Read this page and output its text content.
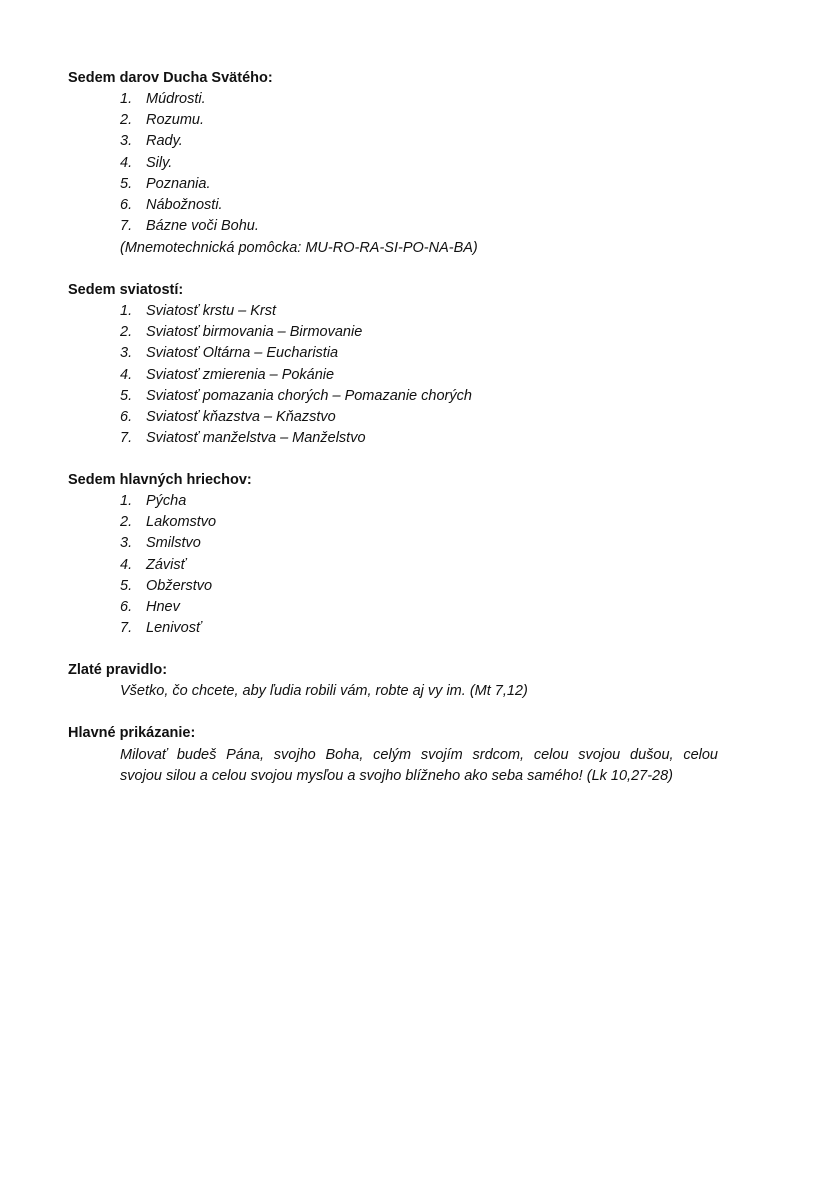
Sedem darov Ducha Svätého:
1. Múdrosti.
2. Rozumu.
3. Rady.
4. Sily.
5. Poznania.
6. Nábožnosti.
7. Bázne voči Bohu.
(Mnemotechnická pomôcka: MU-RO-RA-SI-PO-NA-BA)
Sedem sviatostí:
1. Sviatosť krstu – Krst
2. Sviatosť birmovania – Birmovanie
3. Sviatosť Oltárna – Eucharistia
4. Sviatosť zmierenia – Pokánie
5. Sviatosť pomazania chorých – Pomazanie chorých
6. Sviatosť kňazstva – Kňazstvo
7. Sviatosť manželstva – Manželstvo
Sedem hlavných hriechov:
1. Pýcha
2. Lakomstvo
3. Smilstvo
4. Závisť
5. Obžerstvo
6. Hnev
7. Lenivosť
Zlaté pravidlo:
Všetko, čo chcete, aby ľudia robili vám, robte aj vy im. (Mt 7,12)
Hlavné prikázanie:
Milovať budeš Pána, svojho Boha, celým svojím srdcom, celou svojou dušou, celou
svojou silou a celou svojou mysľou a svojho blížneho ako seba samého! (Lk 10,27-28)
